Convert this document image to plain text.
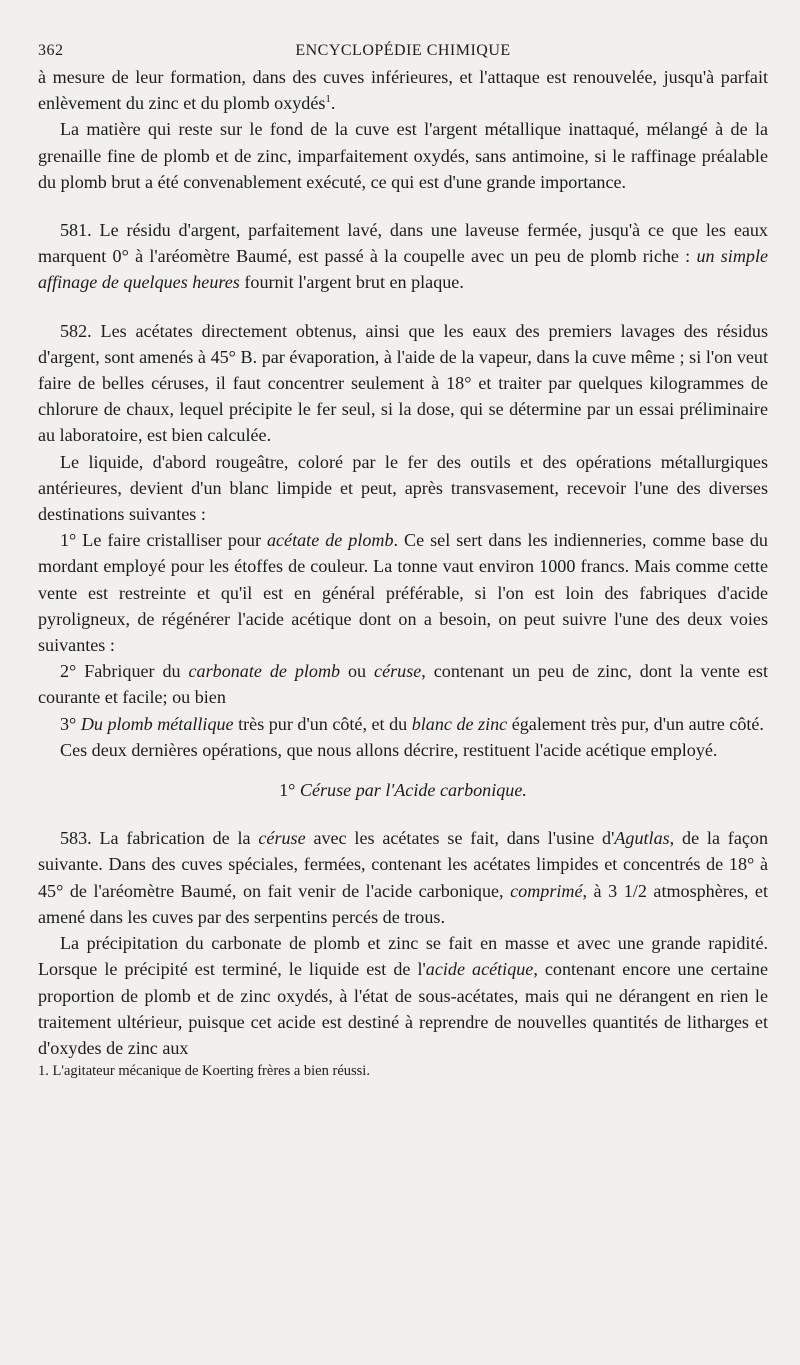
362	ENCYCLOPÉDIE CHIMIQUE

à mesure de leur formation, dans des cuves inférieures, et l'attaque est renouvelée, jusqu'à parfait enlèvement du zinc et du plomb oxydés$^1$.

La matière qui reste sur le fond de la cuve est l'argent métallique inattaqué, mélangé à de la grenaille fine de plomb et de zinc, imparfaitement oxydés, sans antimoine, si le raffinage préalable du plomb brut a été convenablement exécuté, ce qui est d'une grande importance.

581. Le résidu d'argent, parfaitement lavé, dans une laveuse fermée, jusqu'à ce que les eaux marquent 0° à l'aréomètre Baumé, est passé à la coupelle avec un peu de plomb riche : un simple affinage de quelques heures fournit l'argent brut en plaque.

582. Les acétates directement obtenus, ainsi que les eaux des premiers lavages des résidus d'argent, sont amenés à 45° B. par évaporation, à l'aide de la vapeur, dans la cuve même ; si l'on veut faire de belles céruses, il faut concentrer seulement à 18° et traiter par quelques kilogrammes de chlorure de chaux, lequel précipite le fer seul, si la dose, qui se détermine par un essai préliminaire au laboratoire, est bien calculée.

Le liquide, d'abord rougeâtre, coloré par le fer des outils et des opérations métallurgiques antérieures, devient d'un blanc limpide et peut, après transvasement, recevoir l'une des diverses destinations suivantes :

1° Le faire cristalliser pour acétate de plomb. Ce sel sert dans les indienneries, comme base du mordant employé pour les étoffes de couleur. La tonne vaut environ 1000 francs. Mais comme cette vente est restreinte et qu'il est en général préférable, si l'on est loin des fabriques d'acide pyroligneux, de régénérer l'acide acétique dont on a besoin, on peut suivre l'une des deux voies suivantes :

2° Fabriquer du carbonate de plomb ou céruse, contenant un peu de zinc, dont la vente est courante et facile; ou bien

3° Du plomb métallique très pur d'un côté, et du blanc de zinc également très pur, d'un autre côté.

Ces deux dernières opérations, que nous allons décrire, restituent l'acide acétique employé.

1° Céruse par l'Acide carbonique.

583. La fabrication de la céruse avec les acétates se fait, dans l'usine d'Agutlas, de la façon suivante. Dans des cuves spéciales, fermées, contenant les acétates limpides et concentrés de 18° à 45° de l'aréomètre Baumé, on fait venir de l'acide carbonique, comprimé, à 3 1/2 atmosphères, et amené dans les cuves par des serpentins percés de trous.

La précipitation du carbonate de plomb et zinc se fait en masse et avec une grande rapidité. Lorsque le précipité est terminé, le liquide est de l'acide acétique, contenant encore une certaine proportion de plomb et de zinc oxydés, à l'état de sous-acétates, mais qui ne dérangent en rien le traitement ultérieur, puisque cet acide est destiné à reprendre de nouvelles quantités de litharges et d'oxydes de zinc aux

1. L'agitateur mécanique de Koerting frères a bien réussi.
